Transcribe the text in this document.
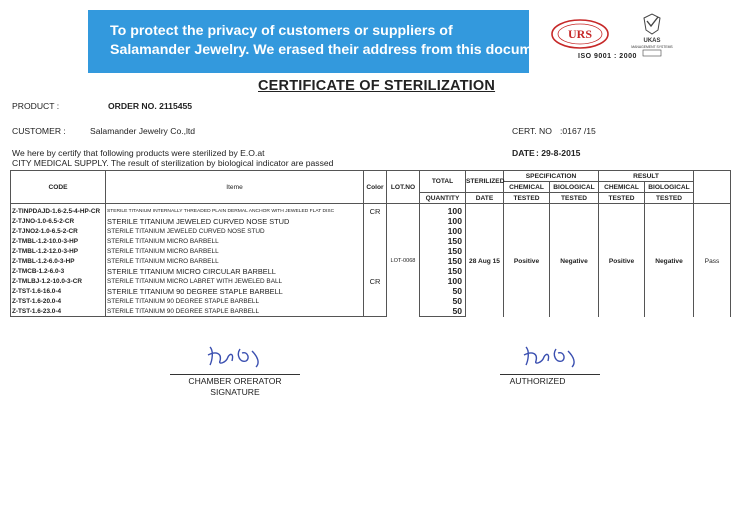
To protect the privacy of customers or suppliers of
Salamander Jewelry. We erased their address from this document
URS	UKAS
MANAGEMENT SYSTEMS
ISO 9001 : 2000
CERTIFICATE OF STERILIZATION
PRODUCT :	ORDER NO. 2115455
CUSTOMER :	Salamander Jewelry Co.,ltd	CERT. NO :0167 /15
We here by certify that following products were sterilized by E.O.at
CITY MEDICAL SUPPLY. The result of sterilization by biological indicator are passed
DATE : 29-8-2015
CODE	Iteme	Color	LOT.NO	TOTAL	STERILIZED	SPECIFICATION		RESULT		
						CHEMICAL	BIOLOGICAL	CHEMICAL	BIOLOGICAL	
				QUANTITY	DATE	TESTED	TESTED	TESTED	TESTED	
Z-TINPDAJD-1.6-2.5-4-HP-CR	STERILE TITANIUM INTERNALLY THREADED PLAIN DERMAL ANCHOR WITH JEWELED FLAT DISC	CR	LOT-0068	100	28 Aug 15	Positive	Negative	Positive	Negative	Pass
Z-TJNO-1.0-6.5-2-CR	STERILE TITANIUM JEWELED CURVED NOSE STUD			100						
Z-TJNO2-1.0-6.5-2-CR	STERILE TITANIUM JEWELED CURVED NOSE STUD			100						
Z-TMBL-1.2-10.0-3-HP	STERILE TITANIUM MICRO BARBELL			150						
Z-TMBL-1.2-12.0-3-HP	STERILE TITANIUM MICRO BARBELL			150						
Z-TMBL-1.2-6.0-3-HP	STERILE TITANIUM MICRO BARBELL			150						
Z-TMCB-1.2-6.0-3	STERILE TITANIUM MICRO CIRCULAR BARBELL			150						
Z-TMLBJ-1.2-10.0-3-CR	STERILE TITANIUM MICRO LABRET WITH JEWELED BALL	CR		100						
Z-TST-1.6-16.0-4	STERILE TITANIUM 90 DEGREE STAPLE BARBELL			50						
Z-TST-1.6-20.0-4	STERILE TITANIUM 90 DEGREE STAPLE BARBELL			50						
Z-TST-1.6-23.0-4	STERILE TITANIUM 90 DEGREE STAPLE BARBELL			50						
CHAMBER ORERATOR
SIGNATURE
AUTHORIZED
